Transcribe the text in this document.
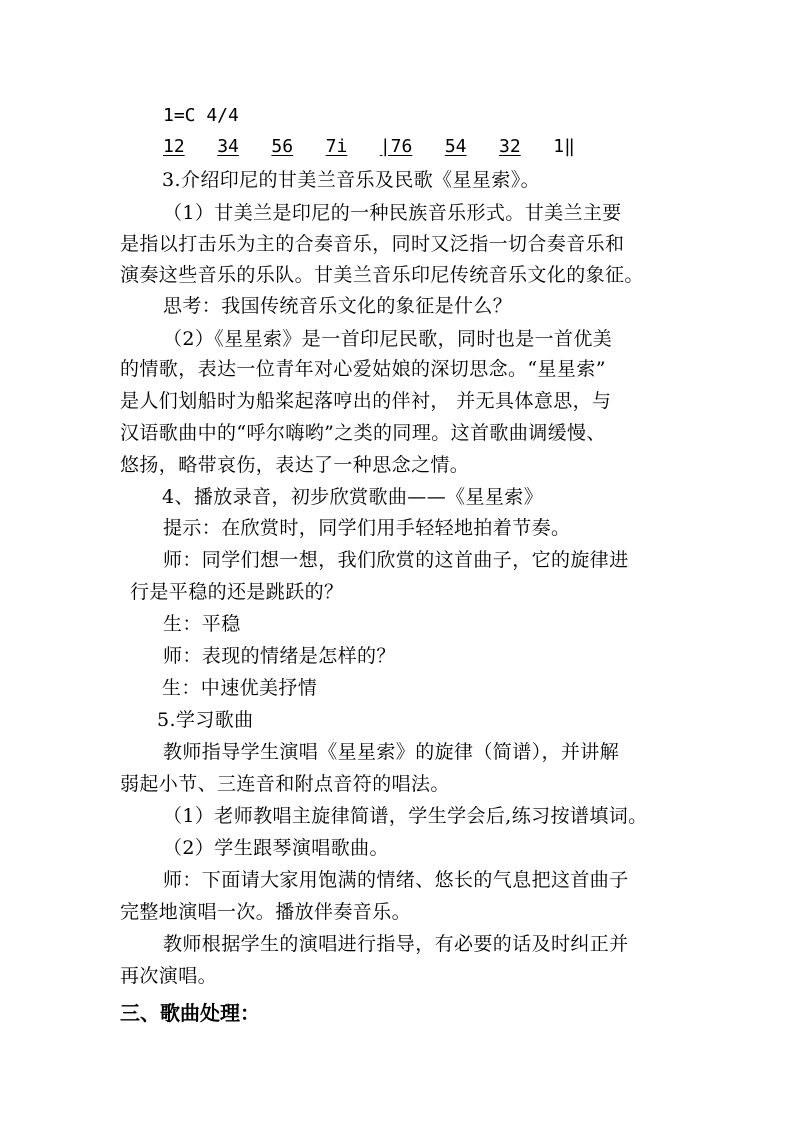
1=C 4/4
12 34 56 7i |76 54 32 1‖
3.介绍印尼的甘美兰音乐及民歌《星星索》。
（1）甘美兰是印尼的一种民族音乐形式。甘美兰主要
是指以打击乐为主的合奏音乐，同时又泛指一切合奏音乐和
演奏这些音乐的乐队。甘美兰音乐印尼传统音乐文化的象征。
思考：我国传统音乐文化的象征是什么？
（2）《星星索》是一首印尼民歌，同时也是一首优美
的情歌，表达一位青年对心爱姑娘的深切思念。“星星索”
是人们划船时为船桨起落哼出的伴衬， 并无具体意思，与
汉语歌曲中的“呼尔嗨哟”之类的同理。这首歌曲调缓慢、
悠扬，略带哀伤，表达了一种思念之情。
4、播放录音，初步欣赏歌曲——《星星索》
提示：在欣赏时，同学们用手轻轻地拍着节奏。
师：同学们想一想，我们欣赏的这首曲子，它的旋律进
行是平稳的还是跳跃的？
生：平稳
师：表现的情绪是怎样的？
生：中速优美抒情
5.学习歌曲
教师指导学生演唱《星星索》的旋律（简谱），并讲解
弱起小节、三连音和附点音符的唱法。
（1）老师教唱主旋律简谱，学生学会后,练习按谱填词。
（2）学生跟琴演唱歌曲。
师：下面请大家用饱满的情绪、悠长的气息把这首曲子
完整地演唱一次。播放伴奏音乐。
教师根据学生的演唱进行指导，有必要的话及时纠正并
再次演唱。
三、歌曲处理：
